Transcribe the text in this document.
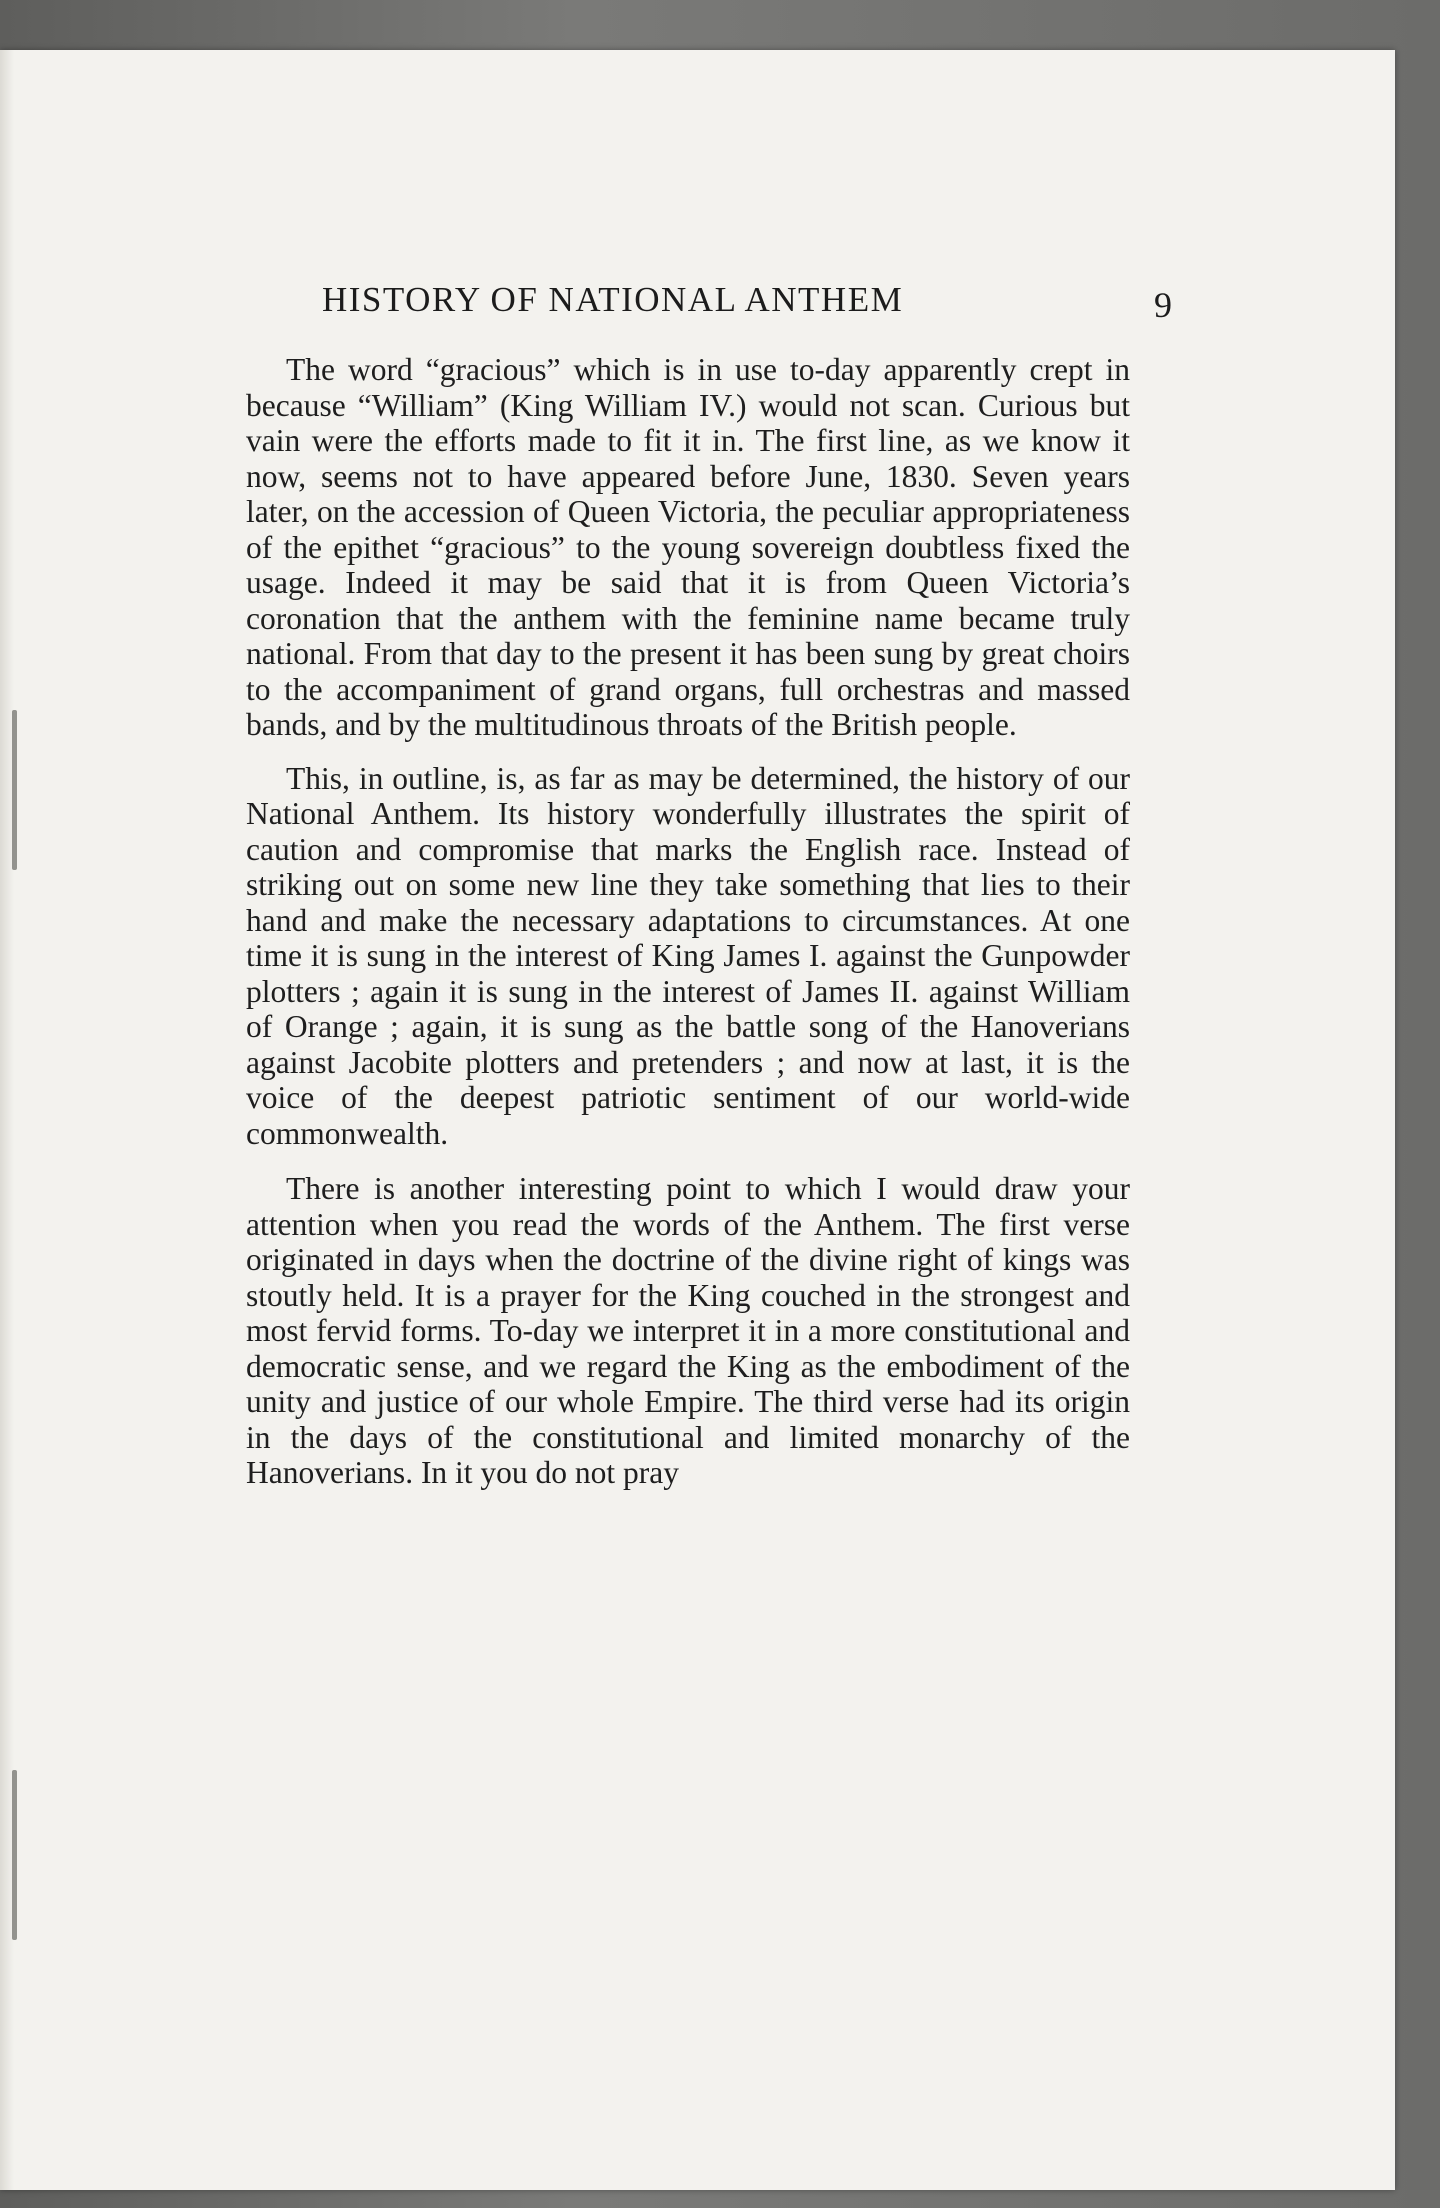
HISTORY OF NATIONAL ANTHEM	9

The word “gracious” which is in use to-day apparently crept in because “William” (King William IV.) would not scan. Curious but vain were the efforts made to fit it in. The first line, as we know it now, seems not to have appeared before June, 1830. Seven years later, on the accession of Queen Victoria, the peculiar appropriateness of the epithet “gracious” to the young sovereign doubtless fixed the usage. Indeed it may be said that it is from Queen Victoria’s coronation that the anthem with the feminine name became truly national. From that day to the present it has been sung by great choirs to the accompaniment of grand organs, full orchestras and massed bands, and by the multitudinous throats of the British people.

This, in outline, is, as far as may be determined, the history of our National Anthem. Its history wonderfully illustrates the spirit of caution and compromise that marks the English race. Instead of striking out on some new line they take something that lies to their hand and make the necessary adaptations to circumstances. At one time it is sung in the interest of King James I. against the Gunpowder plotters ; again it is sung in the interest of James II. against William of Orange ; again, it is sung as the battle song of the Hanoverians against Jacobite plotters and pretenders ; and now at last, it is the voice of the deepest patriotic sentiment of our world-wide commonwealth.

There is another interesting point to which I would draw your attention when you read the words of the Anthem. The first verse originated in days when the doctrine of the divine right of kings was stoutly held. It is a prayer for the King couched in the strongest and most fervid forms. To-day we interpret it in a more constitutional and democratic sense, and we regard the King as the embodiment of the unity and justice of our whole Empire. The third verse had its origin in the days of the constitutional and limited monarchy of the Hanoverians. In it you do not pray
